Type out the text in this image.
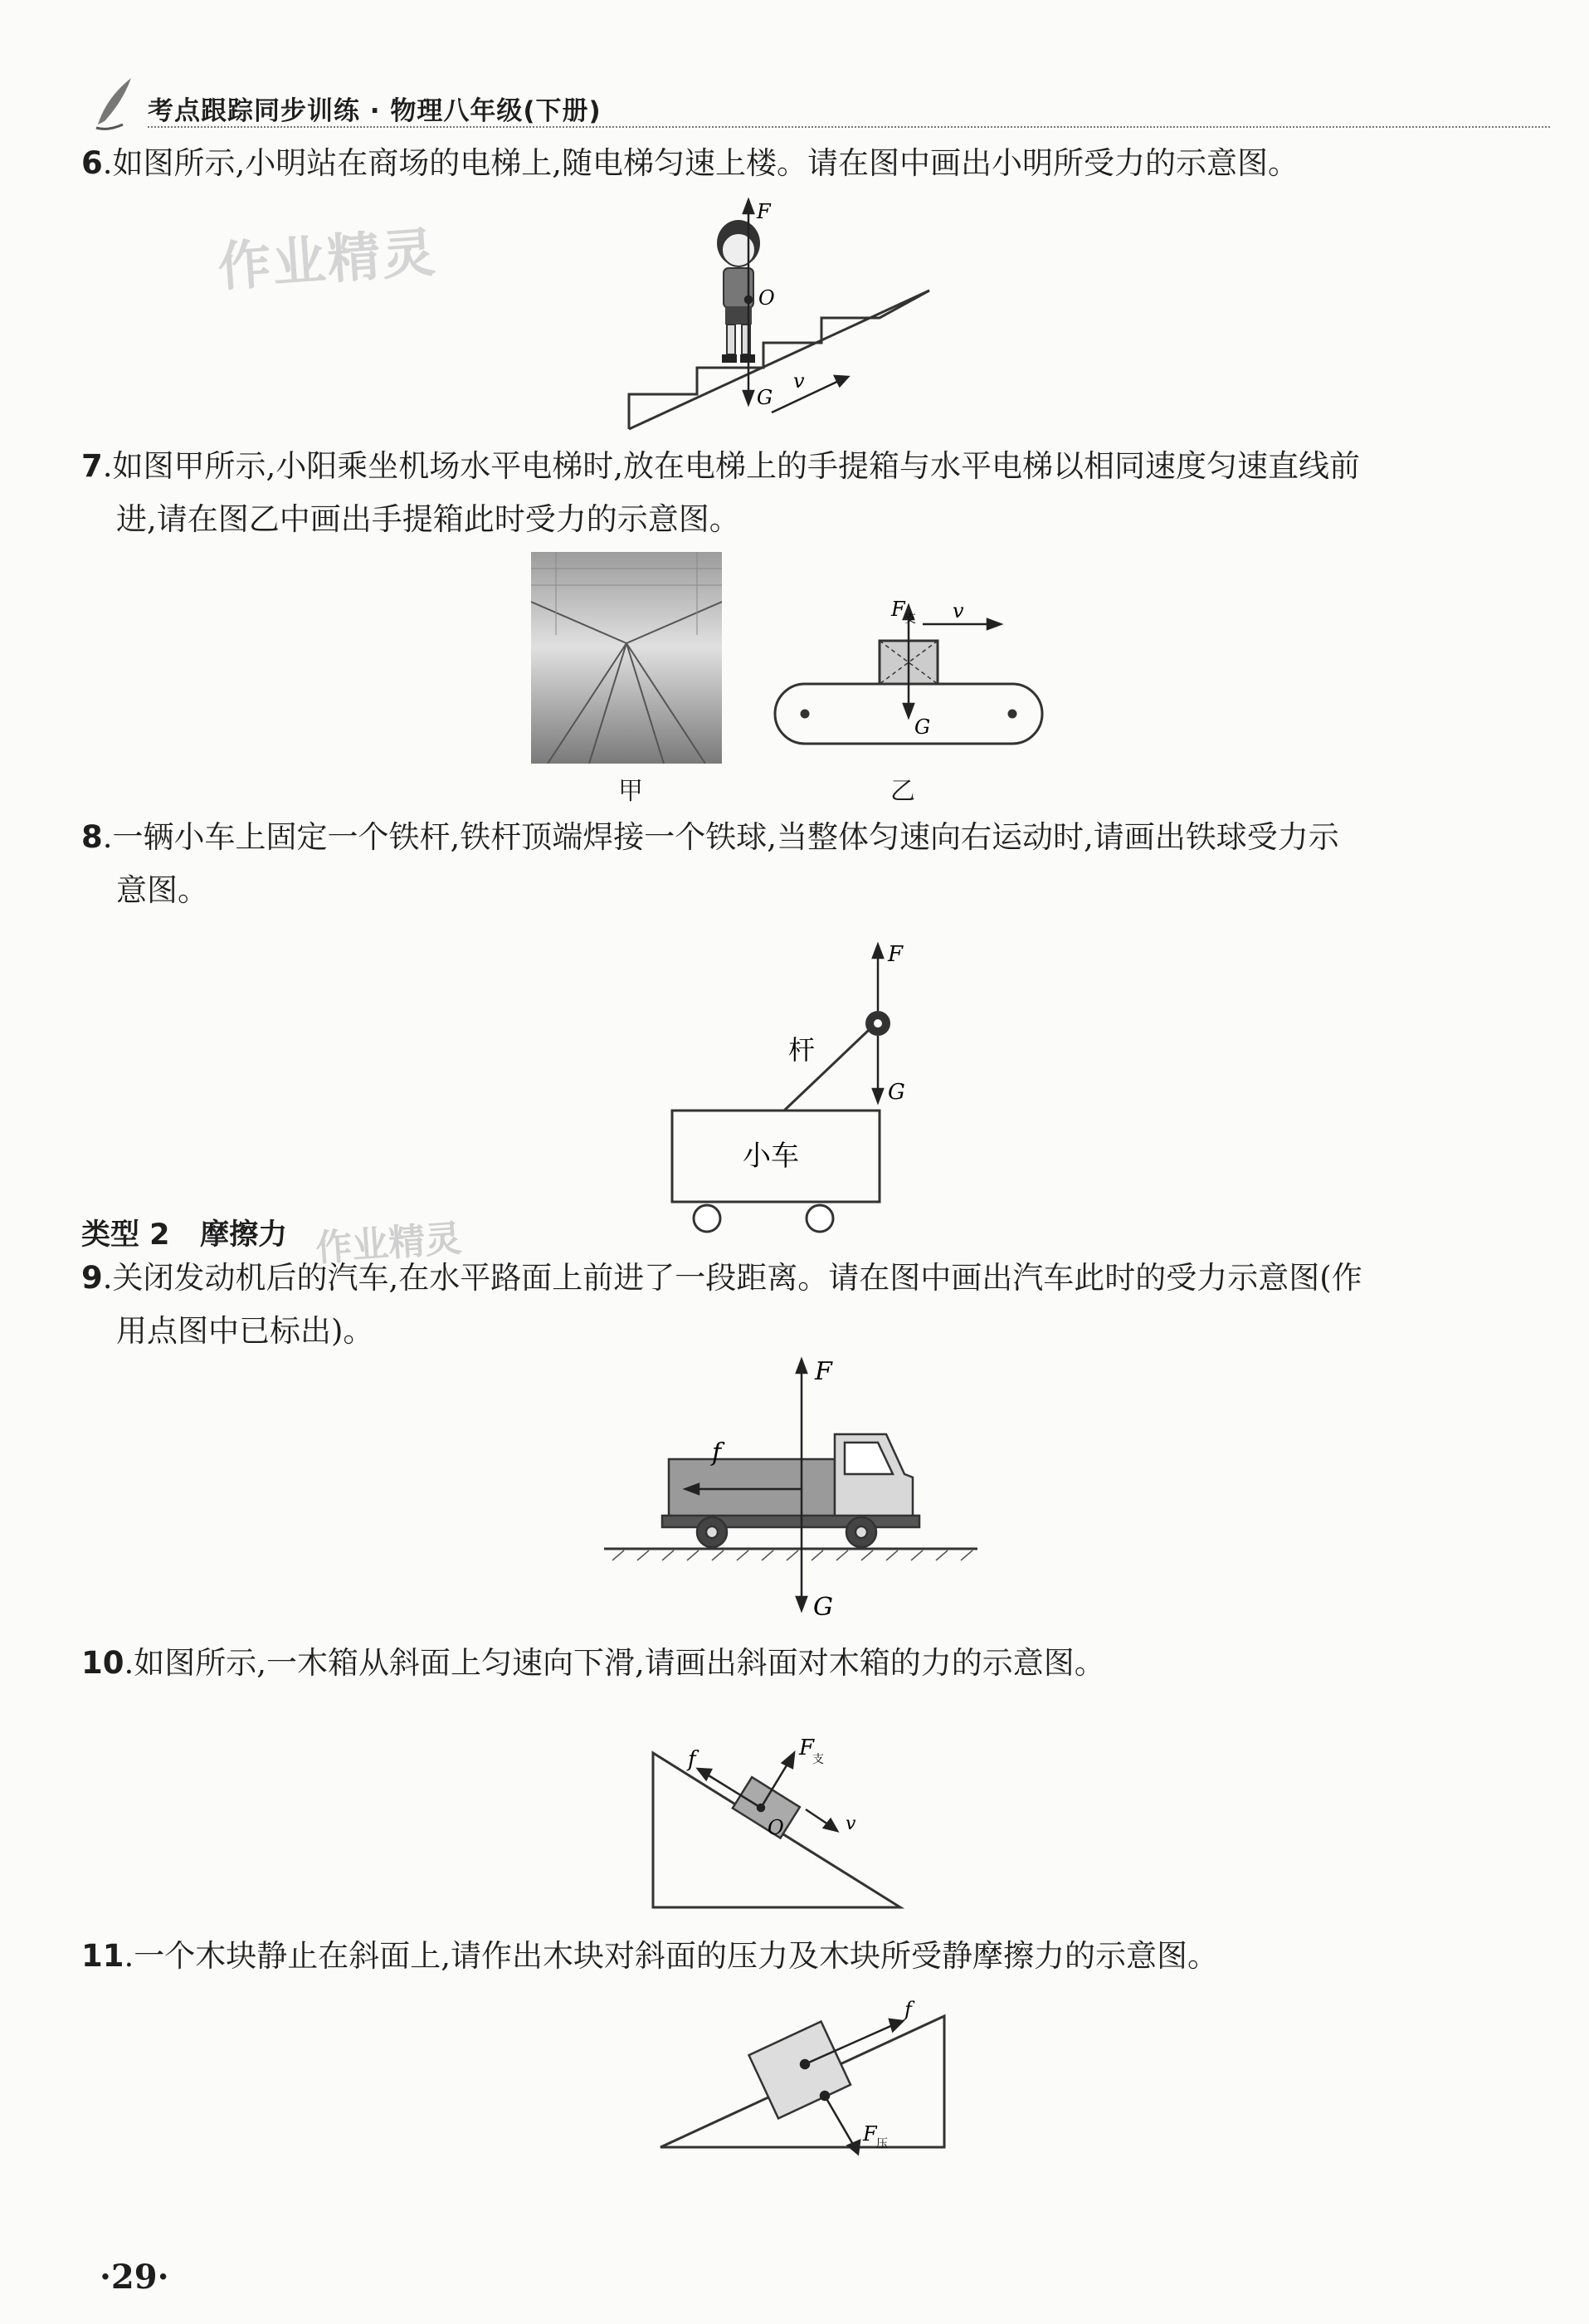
考点跟踪同步训练 · 物理八年级(下册)
6.如图所示,小明站在商场的电梯上,随电梯匀速上楼。请在图中画出小明所受力的示意图。
作业精灵
F
O
G
v
7.如图甲所示,小阳乘坐机场水平电梯时,放在电梯上的手提箱与水平电梯以相同速度匀速直线前
进,请在图乙中画出手提箱此时受力的示意图。
F 支 v
G
甲	乙
8.一辆小车上固定一个铁杆,铁杆顶端焊接一个铁球,当整体匀速向右运动时,请画出铁球受力示
意图。
F
G
杆
小车
类型 2 摩擦力 作业精灵
9.关闭发动机后的汽车,在水平路面上前进了一段距离。请在图中画出汽车此时的受力示意图(作
用点图中已标出)。
F
f
G
10.如图所示,一木箱从斜面上匀速向下滑,请画出斜面对木箱的力的示意图。
f	F
支
v
O
11.一个木块静止在斜面上,请作出木块对斜面的压力及木块所受静摩擦力的示意图。
f
F 压
·29·
